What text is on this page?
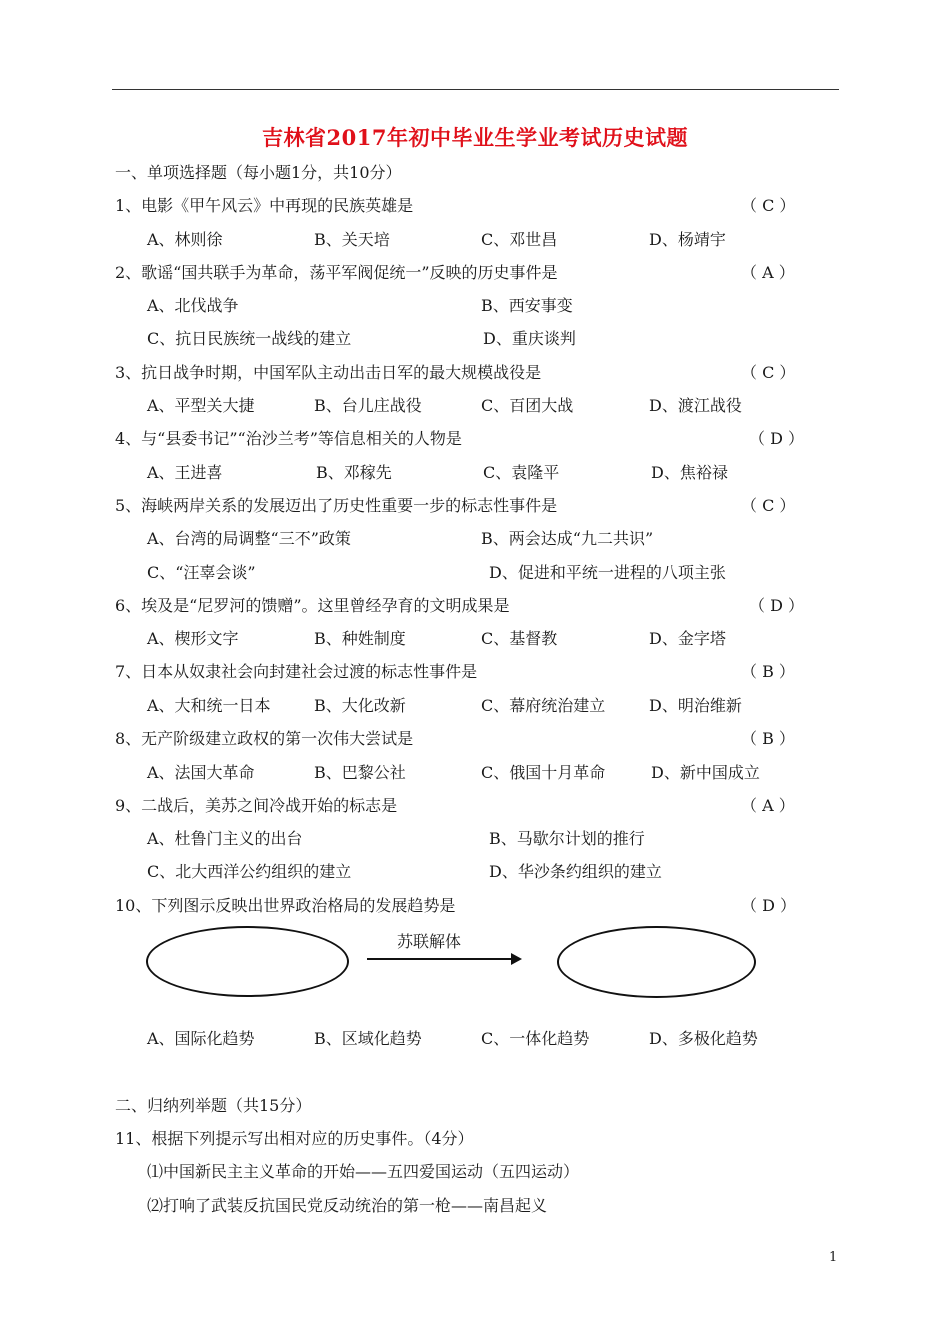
吉林省2017年初中毕业生学业考试历史试题
一、单项选择题（每小题1分，共10分）
1、电影《甲午风云》中再现的民族英雄是	（ C ）
A、林则徐	B、关天培	C、邓世昌	D、杨靖宇
2、歌谣“国共联手为革命，荡平军阀促统一”反映的历史事件是	（ A ）
A、北伐战争	B、西安事变
C、抗日民族统一战线的建立	D、重庆谈判
3、抗日战争时期，中国军队主动出击日军的最大规模战役是	（ C ）
A、平型关大捷	B、台儿庄战役	C、百团大战	D、渡江战役
4、与“县委书记”“治沙兰考”等信息相关的人物是	（ D ）
A、王进喜	B、邓稼先	C、袁隆平	D、焦裕禄
5、海峡两岸关系的发展迈出了历史性重要一步的标志性事件是	（ C ）
A、台湾的局调整“三不”政策	B、两会达成“九二共识”
C、“汪辜会谈”	D、促进和平统一进程的八项主张
6、埃及是“尼罗河的馈赠”。这里曾经孕育的文明成果是	（ D ）
A、楔形文字	B、种姓制度	C、基督教	D、金字塔
7、日本从奴隶社会向封建社会过渡的标志性事件是	（ B ）
A、大和统一日本	B、大化改新	C、幕府统治建立	D、明治维新
8、无产阶级建立政权的第一次伟大尝试是	（ B ）
A、法国大革命	B、巴黎公社	C、俄国十月革命	D、新中国成立
9、二战后，美苏之间冷战开始的标志是	（ A ）
A、杜鲁门主义的出台	B、马歇尔计划的推行
C、北大西洋公约组织的建立	D、华沙条约组织的建立
10、下列图示反映出世界政治格局的发展趋势是	（ D ）
苏联解体
A、国际化趋势	B、区域化趋势	C、一体化趋势	D、多极化趋势
二、归纳列举题（共15分）
11、根据下列提示写出相对应的历史事件。（4分）
⑴中国新民主主义革命的开始——五四爱国运动（五四运动）
⑵打响了武装反抗国民党反动统治的第一枪——南昌起义
1
